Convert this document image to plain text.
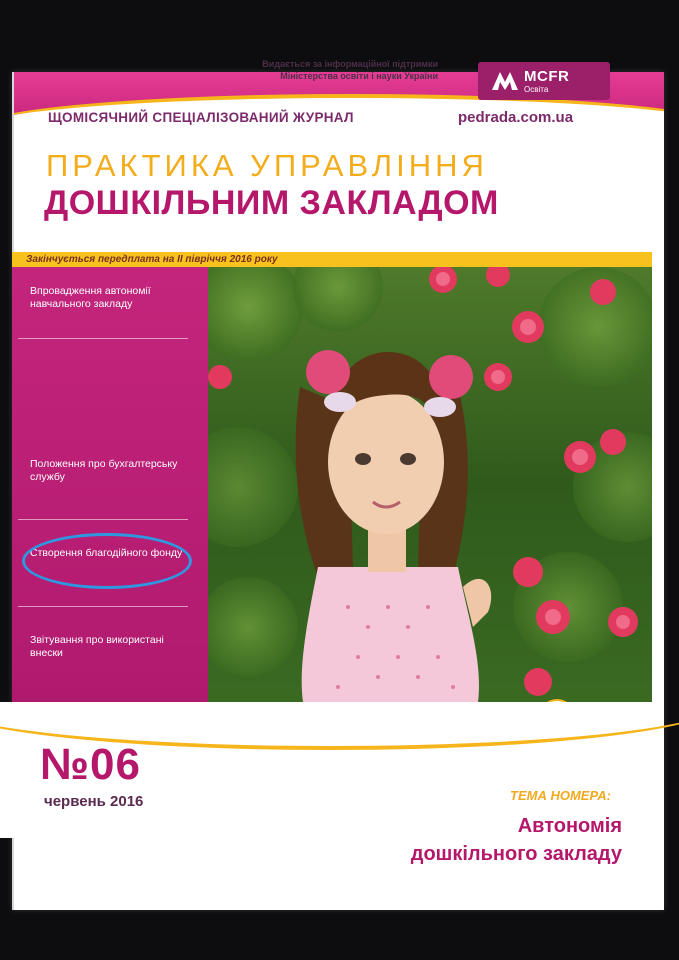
Видається за інформаційної підтримки
Міністерства освіти і науки України	MCFR
Освіта
ЩОМІСЯЧНИЙ СПЕЦІАЛІЗОВАНИЙ ЖУРНАЛ	pedrada.com.ua
ПРАКТИКА УПРАВЛІННЯ
ДОШКІЛЬНИМ ЗАКЛАДОМ
Закінчується передплата на ІІ півріччя 2016 року
Впровадження автономії навчального закладу
Положення про бухгалтерську службу
Створення благодійного фонду
Звітування про використані внески
№06
червень 2016	ТЕМА НОМЕРА:
Автономія
дошкільного закладу
